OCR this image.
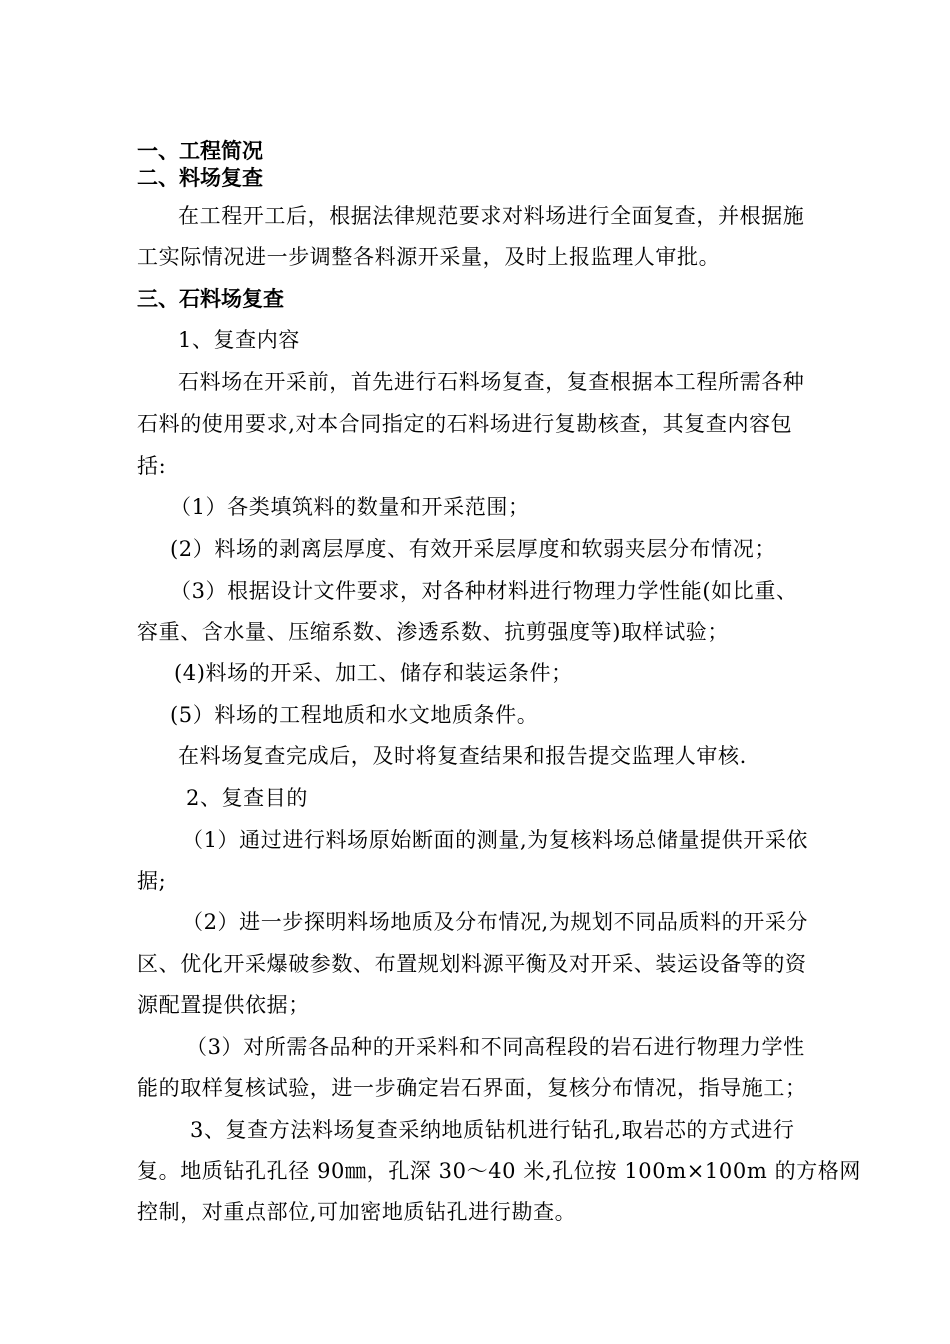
一、工程简况
二、料场复查
在工程开工后，根据法律规范要求对料场进行全面复查，并根据施
工实际情况进一步调整各料源开采量，及时上报监理人审批。
三、石料场复查
1、复查内容
石料场在开采前，首先进行石料场复查，复查根据本工程所需各种
石料的使用要求,对本合同指定的石料场进行复勘核查，其复查内容包
括:
（1）各类填筑料的数量和开采范围；
(2）料场的剥离层厚度、有效开采层厚度和软弱夹层分布情况；
（3）根据设计文件要求，对各种材料进行物理力学性能(如比重、
容重、含水量、压缩系数、渗透系数、抗剪强度等)取样试验；
(4)料场的开采、加工、储存和装运条件；
(5）料场的工程地质和水文地质条件。
在料场复查完成后，及时将复查结果和报告提交监理人审核.
2、复查目的
（1）通过进行料场原始断面的测量,为复核料场总储量提供开采依
据;
（2）进一步探明料场地质及分布情况,为规划不同品质料的开采分
区、优化开采爆破参数、布置规划料源平衡及对开采、装运设备等的资
源配置提供依据；
（3）对所需各品种的开采料和不同高程段的岩石进行物理力学性
能的取样复核试验，进一步确定岩石界面，复核分布情况，指导施工；
3、复查方法料场复查采纳地质钻机进行钻孔,取岩芯的方式进行
复。地质钻孔孔径 90㎜，孔深 30～40 米,孔位按 100m×100m 的方格网
控制，对重点部位,可加密地质钻孔进行勘查。
